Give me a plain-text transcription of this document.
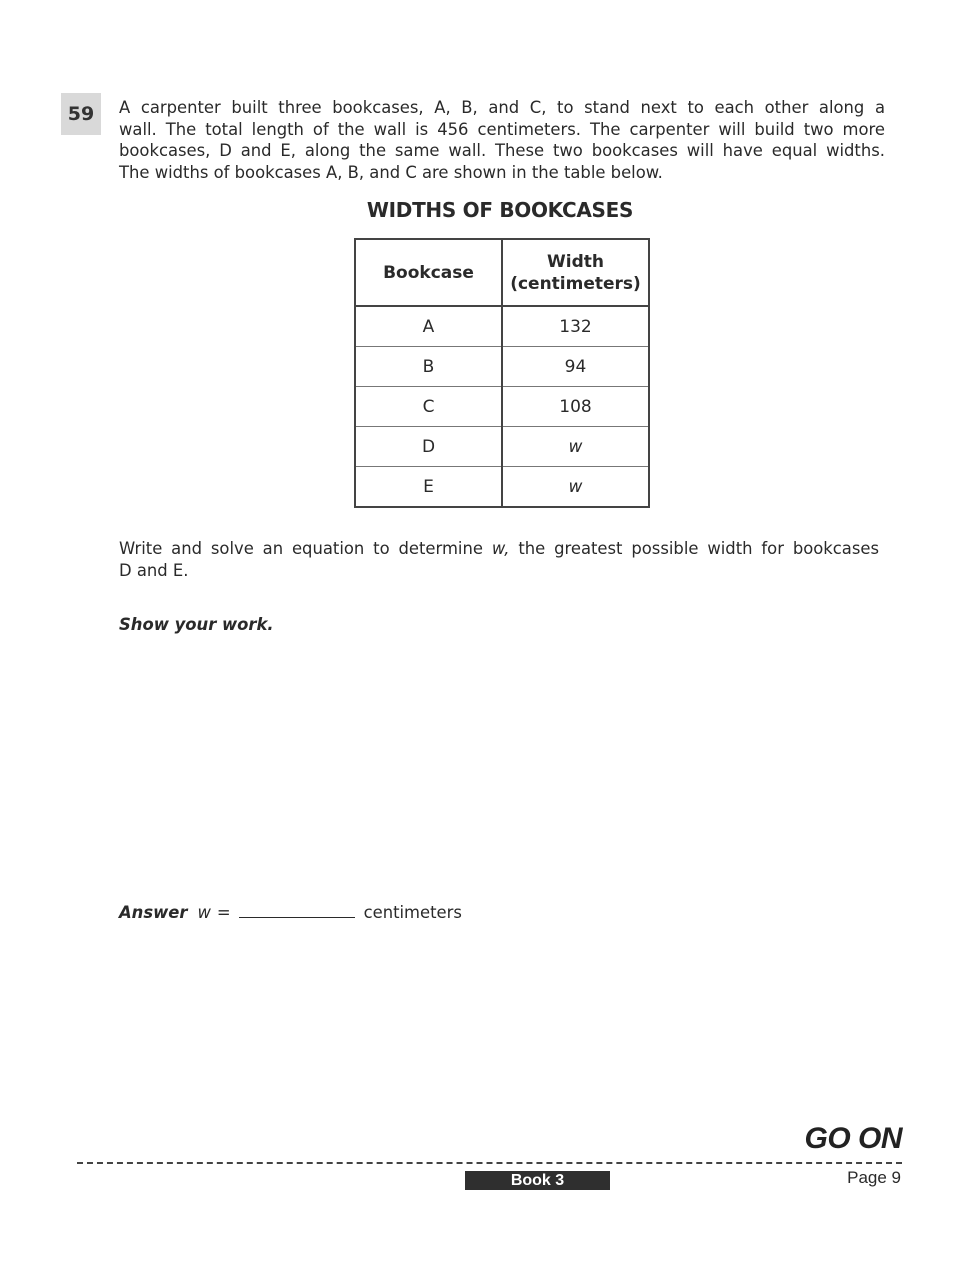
59	A carpenter built three bookcases, A, B, and C, to stand next to each other along a
wall. The total length of the wall is 456 centimeters. The carpenter will build two more
bookcases, D and E, along the same wall. These two bookcases will have equal widths.
The widths of bookcases A, B, and C are shown in the table below.
WIDTHS OF BOOKCASES
Bookcase	Width
(centimeters)
A	132
B	94
C	108
D	w
E	w
Write and solve an equation to determine w, the greatest possible width for bookcases
D and E.
Show your work.
Answer w =	centimeters
GO ON
Book 3	Page 9
